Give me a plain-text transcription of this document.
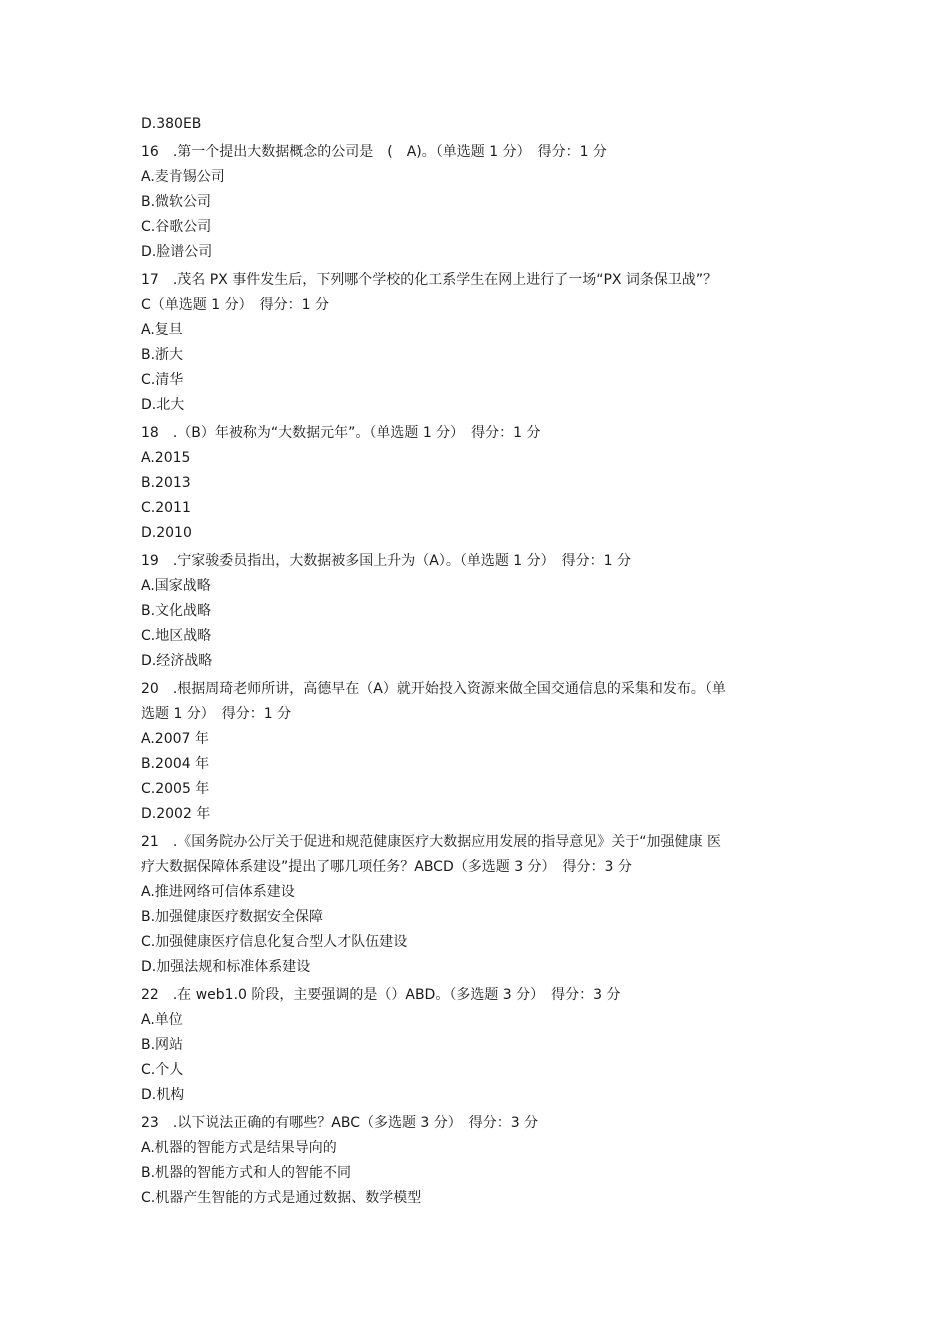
D.380EB

16　.第一个提出大数据概念的公司是　(　A)。（单选题 1 分）　得分：1 分

A.麦肯锡公司

B.微软公司

C.谷歌公司

D.脸谱公司

17　.茂名 PX 事件发生后，下列哪个学校的化工系学生在网上进行了一场“PX 词条保卫战”？

C（单选题 1 分）　得分：1 分

A.复旦

B.浙大

C.清华

D.北大

18　.（B）年被称为“大数据元年”。（单选题 1 分）　得分：1 分

A.2015

B.2013

C.2011

D.2010

19　.宁家骏委员指出，大数据被多国上升为（A）。（单选题 1 分）　得分：1 分

A.国家战略

B.文化战略

C.地区战略

D.经济战略

20　.根据周琦老师所讲，高德早在（A）就开始投入资源来做全国交通信息的采集和发布。（单

选题 1 分）　得分：1 分

A.2007 年

B.2004 年

C.2005 年

D.2002 年

21　.《国务院办公厅关于促进和规范健康医疗大数据应用发展的指导意见》关于“加强健康 医

疗大数据保障体系建设”提出了哪几项任务？ABCD（多选题 3 分）　得分：3 分

A.推进网络可信体系建设

B.加强健康医疗数据安全保障

C.加强健康医疗信息化复合型人才队伍建设

D.加强法规和标准体系建设

22　.在 web1.0 阶段，主要强调的是（）ABD。（多选题 3 分）　得分：3 分

A.单位

B.网站

C.个人

D.机构

23　.以下说法正确的有哪些？ABC（多选题 3 分）　得分：3 分

A.机器的智能方式是结果导向的

B.机器的智能方式和人的智能不同

C.机器产生智能的方式是通过数据、数学模型
